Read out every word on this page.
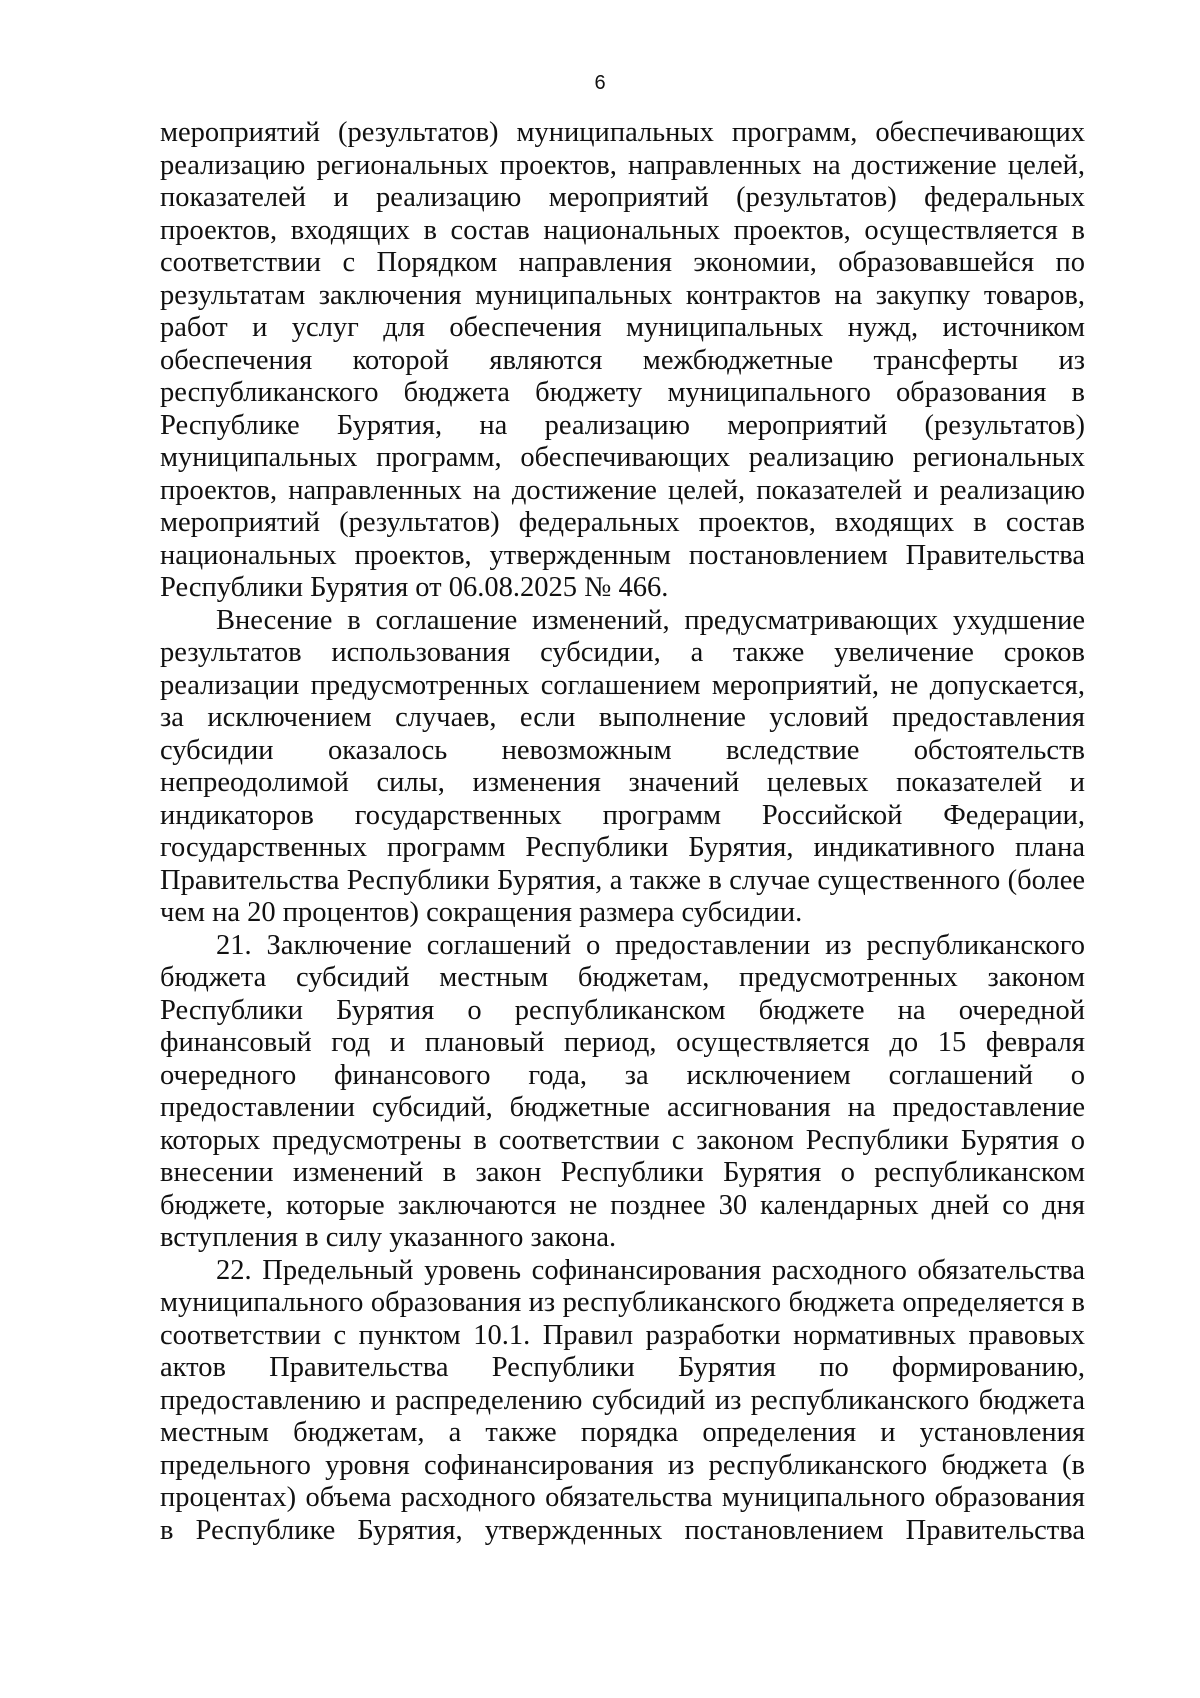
6

мероприятий (результатов) муниципальных программ, обеспечивающих реализацию региональных проектов, направленных на достижение целей, показателей и реализацию мероприятий (результатов) федеральных проектов, входящих в состав национальных проектов, осуществляется в соответствии с Порядком направления экономии, образовавшейся по результатам заключения муниципальных контрактов на закупку товаров, работ и услуг для обеспечения муниципальных нужд, источником обеспечения которой являются межбюджетные трансферты из республиканского бюджета бюджету муниципального образования в Республике Бурятия, на реализацию мероприятий (результатов) муниципальных программ, обеспечивающих реализацию региональных проектов, направленных на достижение целей, показателей и реализацию мероприятий (результатов) федеральных проектов, входящих в состав национальных проектов, утвержденным постановлением Правительства Республики Бурятия от 06.08.2025 № 466.

Внесение в соглашение изменений, предусматривающих ухудшение результатов использования субсидии, а также увеличение сроков реализации предусмотренных соглашением мероприятий, не допускается, за исключением случаев, если выполнение условий предоставления субсидии оказалось невозможным вследствие обстоятельств непреодолимой силы, изменения значений целевых показателей и индикаторов государственных программ Российской Федерации, государственных программ Республики Бурятия, индикативного плана Правительства Республики Бурятия, а также в случае существенного (более чем на 20 процентов) сокращения размера субсидии.

21. Заключение соглашений о предоставлении из республиканского бюджета субсидий местным бюджетам, предусмотренных законом Республики Бурятия о республиканском бюджете на очередной финансовый год и плановый период, осуществляется до 15 февраля очередного финансового года, за исключением соглашений о предоставлении субсидий, бюджетные ассигнования на предоставление которых предусмотрены в соответствии с законом Республики Бурятия о внесении изменений в закон Республики Бурятия о республиканском бюджете, которые заключаются не позднее 30 календарных дней со дня вступления в силу указанного закона.

22. Предельный уровень софинансирования расходного обязательства муниципального образования из республиканского бюджета определяется в соответствии с пунктом 10.1. Правил разработки нормативных правовых актов Правительства Республики Бурятия по формированию, предоставлению и распределению субсидий из республиканского бюджета местным бюджетам, а также порядка определения и установления предельного уровня софинансирования из республиканского бюджета (в процентах) объема расходного обязательства муниципального образования в Республике Бурятия, утвержденных постановлением Правительства
